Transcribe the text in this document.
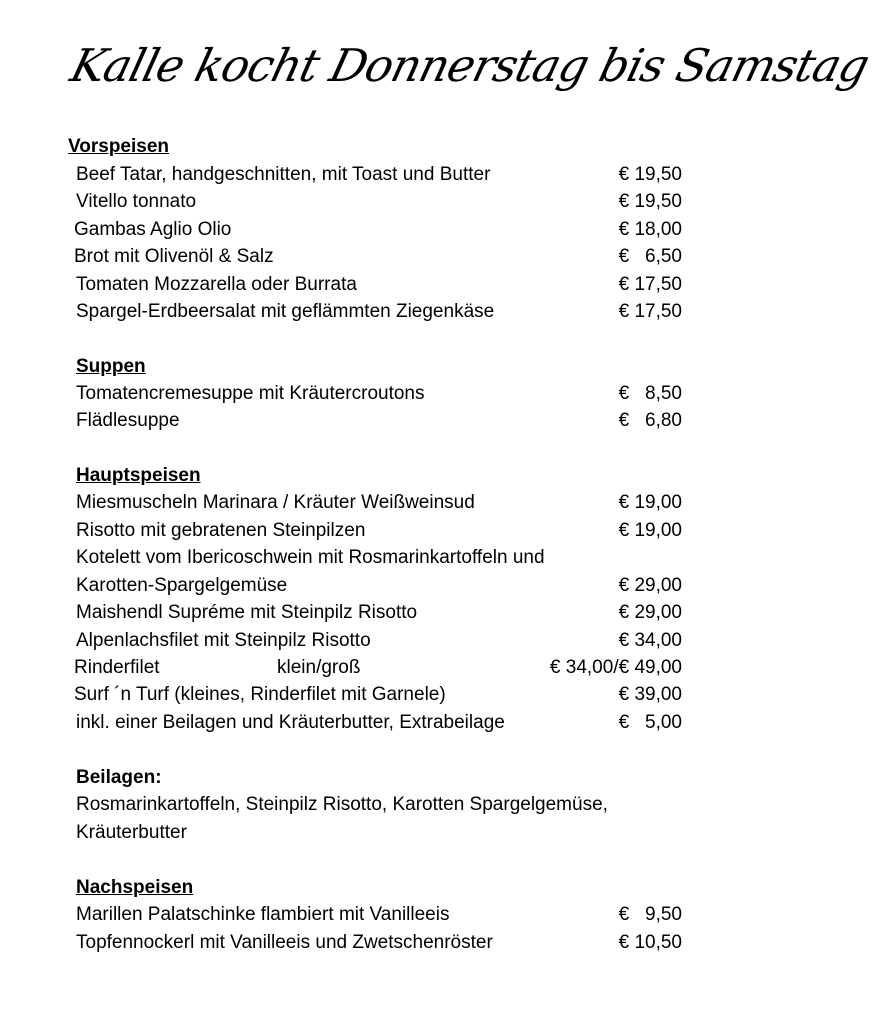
Kalle kocht Donnerstag bis Samstag
Vorspeisen
Beef Tatar, handgeschnitten, mit Toast und Butter	€ 19,50
Vitello tonnato	€ 19,50
Gambas Aglio Olio	€ 18,00
Brot mit Olivenöl & Salz	€   6,50
Tomaten Mozzarella oder Burrata	€ 17,50
Spargel-Erdbeersalat mit geflämmten Ziegenkäse	€ 17,50
Suppen
Tomatencremesuppe mit Kräutercroutons	€   8,50
Flädlesuppe	€   6,80
Hauptspeisen
Miesmuscheln Marinara / Kräuter Weißweinsud	€ 19,00
Risotto mit gebratenen Steinpilzen	€ 19,00
Kotelett vom Ibericoschwein mit Rosmarinkartoffeln und
Karotten-Spargelgemüse	€ 29,00
Maishendl Supréme mit Steinpilz Risotto	€ 29,00
Alpenlachsfilet mit Steinpilz Risotto	€ 34,00
Rinderfilet	klein/groß	€ 34,00/€ 49,00
Surf ´n Turf (kleines, Rinderfilet mit Garnele)	€ 39,00
inkl. einer Beilagen und Kräuterbutter, Extrabeilage	€   5,00
Beilagen:
Rosmarinkartoffeln, Steinpilz Risotto, Karotten Spargelgemüse,
Kräuterbutter
Nachspeisen
Marillen Palatschinke flambiert mit Vanilleeis	€   9,50
Topfennockerl mit Vanilleeis und Zwetschenröster	€ 10,50
